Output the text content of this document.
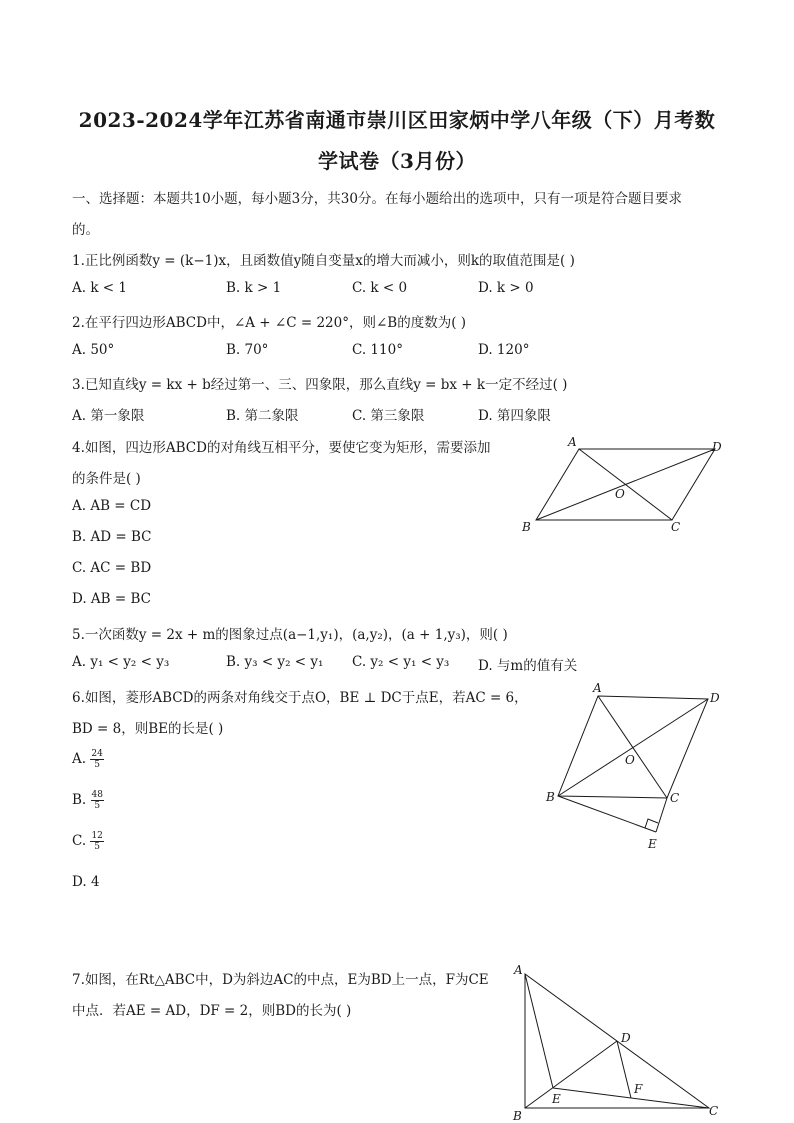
2023-2024学年江苏省南通市崇川区田家炳中学八年级（下）月考数
学试卷（3月份）
一、选择题：本题共10小题，每小题3分，共30分。在每小题给出的选项中，只有一项是符合题目要求
的。
1.正比例函数y = (k−1)x，且函数值y随自变量x的增大而减小，则k的取值范围是( )
A. k < 1	B. k > 1	C. k < 0	D. k > 0
2.在平行四边形ABCD中，∠A + ∠C = 220°，则∠B的度数为( )
A. 50°	B. 70°	C. 110°	D. 120°
3.已知直线y = kx + b经过第一、三、四象限，那么直线y = bx + k一定不经过( )
A. 第一象限	B. 第二象限	C. 第三象限	D. 第四象限
4.如图，四边形ABCD的对角线互相平分，要使它变为矩形，需要添加
的条件是( )
A. AB = CD
B. AD = BC
C. AC = BD
D. AB = BC
A	D
B	C
O
5.一次函数y = 2x + m的图象过点(a−1,y₁)，(a,y₂)，(a + 1,y₃)，则( )
A. y₁ < y₂ < y₃	B. y₃ < y₂ < y₁ C. y₂ < y₁ < y₃ D. 与m的值有关
6.如图，菱形ABCD的两条对角线交于点O，BE ⊥ DC于点E，若AC = 6，
BD = 8，则BE的长是( )
A. $\frac{24}{5}$
B. $\frac{48}{5}$
C. $\frac{12}{5}$
D. 4
A
D
B	C
O
E
7.如图，在Rt△ABC中，D为斜边AC的中点，E为BD上一点，F为CE
中点．若AE = AD，DF = 2，则BD的长为( )
A
B	C
D
E
F
